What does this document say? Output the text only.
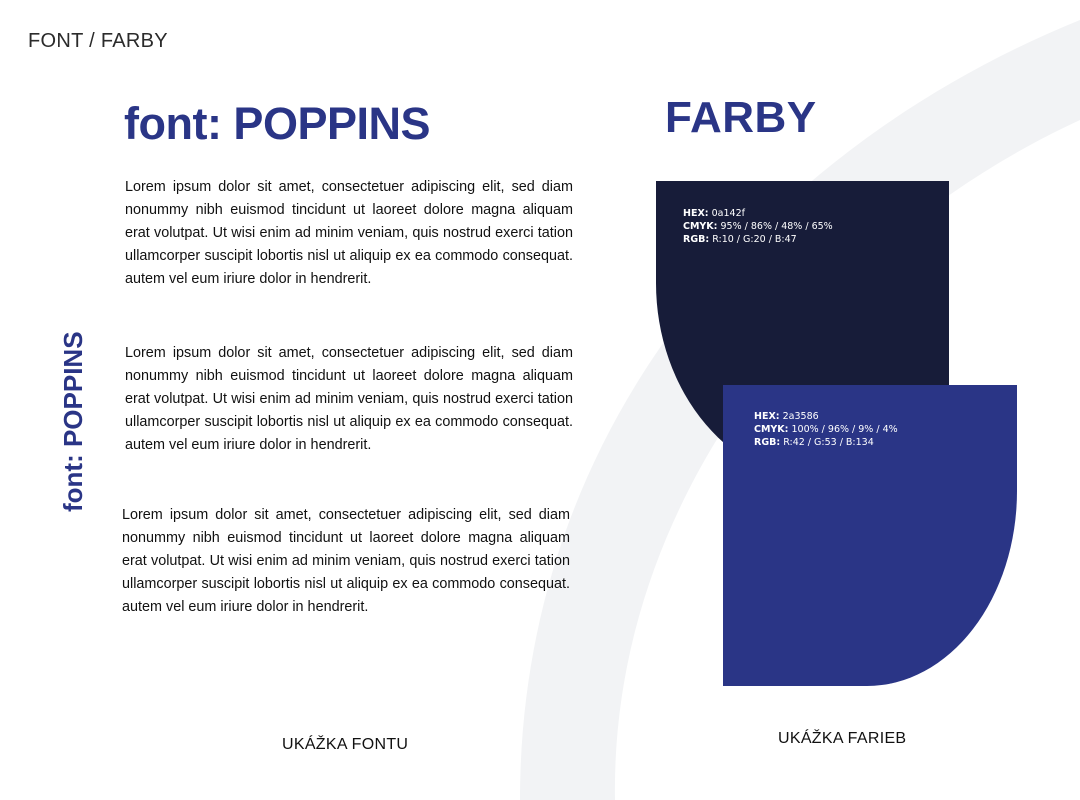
FONT / FARBY
font: POPPINS
font: POPPINS
Lorem ipsum dolor sit amet, consectetuer adipiscing elit, sed diam nonummy nibh euismod tincidunt ut laoreet dolore magna aliquam erat volutpat. Ut wisi enim ad minim veniam, quis nostrud exerci tation ullamcorper suscipit lobortis nisl ut aliquip ex ea commodo consequat. autem vel eum iriure dolor in hendrerit.
Lorem ipsum dolor sit amet, consectetuer adipiscing elit, sed diam nonummy nibh euismod tincidunt ut laoreet dolore magna aliquam erat volutpat. Ut wisi enim ad minim veniam, quis nostrud exerci tation ullamcorper suscipit lobortis nisl ut aliquip ex ea commodo consequat. autem vel eum iriure dolor in hendrerit.
Lorem ipsum dolor sit amet, consectetuer adipiscing elit, sed diam nonummy nibh euismod tincidunt ut laoreet dolore magna aliquam erat volutpat. Ut wisi enim ad minim veniam, quis nostrud exerci tation ullamcorper suscipit lobortis nisl ut aliquip ex ea commodo consequat. autem vel eum iriure dolor in hendrerit.
UKÁŽKA FONTU
FARBY
HEX: 0a142f
CMYK: 95% / 86% / 48% / 65%
RGB: R:10 / G:20 / B:47
HEX: 2a3586
CMYK: 100% / 96% / 9% / 4%
RGB: R:42 / G:53 / B:134
UKÁŽKA FARIEB
